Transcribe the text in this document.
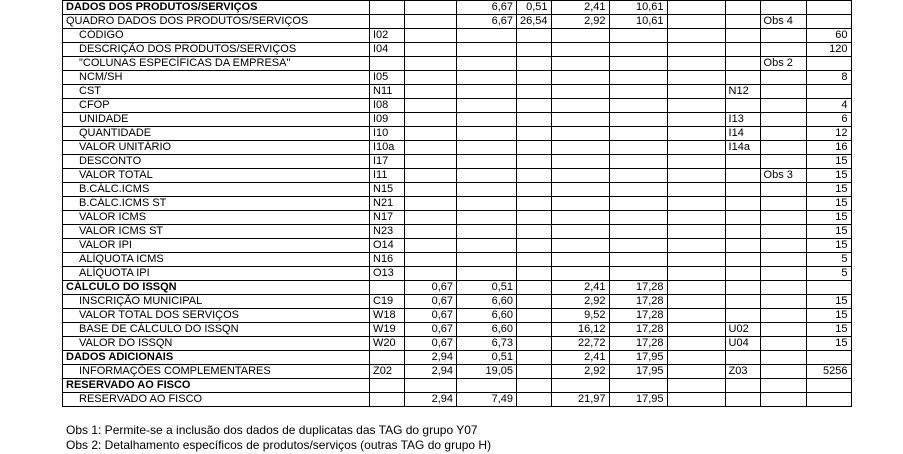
DADOS DOS PRODUTOS/SERVIÇOS			6,67	0,51	2,41	10,61				
QUADRO DADOS DOS PRODUTOS/SERVIÇOS			6,67	26,54	2,92	10,61			Obs 4	
CÓDIGO	I02									60
DESCRIÇÃO DOS PRODUTOS/SERVIÇOS	I04									120
"COLUNAS ESPECÍFICAS DA EMPRESA"									Obs 2	
NCM/SH	I05									8
CST	N11							N12		
CFOP	I08									4
UNIDADE	I09							I13		6
QUANTIDADE	I10							I14		12
VALOR UNITÁRIO	I10a							I14a		16
DESCONTO	I17									15
VALOR TOTAL	I11								Obs 3	15
B.CÁLC.ICMS	N15									15
B.CÁLC.ICMS ST	N21									15
VALOR ICMS	N17									15
VALOR ICMS ST	N23									15
VALOR IPI	O14									15
ALÍQUOTA ICMS	N16									5
ALÍQUOTA IPI	O13									5
CÁLCULO DO ISSQN		0,67	0,51		2,41	17,28				
INSCRIÇÃO MUNICIPAL	C19	0,67	6,60		2,92	17,28				15
VALOR TOTAL DOS SERVIÇOS	W18	0,67	6,60		9,52	17,28				15
BASE DE CÁLCULO DO ISSQN	W19	0,67	6,60		16,12	17,28		U02		15
VALOR DO ISSQN	W20	0,67	6,73		22,72	17,28		U04		15
DADOS ADICIONAIS		2,94	0,51		2,41	17,95				
INFORMAÇÕES COMPLEMENTARES	Z02	2,94	19,05		2,92	17,95		Z03		5256
RESERVADO AO FISCO										
RESERVADO AO FISCO		2,94	7,49		21,97	17,95				
Obs 1: Permite-se a inclusão dos dados de duplicatas das TAG do grupo Y07
Obs 2: Detalhamento específicos de produtos/serviços (outras TAG do grupo H)
